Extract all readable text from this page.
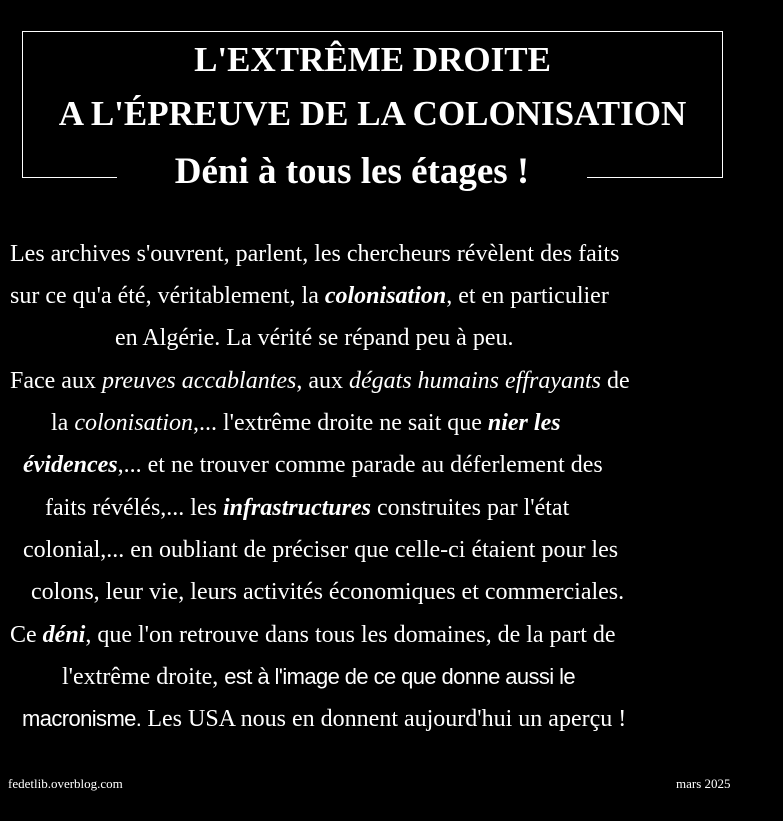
L'EXTRÊME DROITE
A L'ÉPREUVE DE LA COLONISATION
Déni à tous les étages !
Les archives s'ouvrent, parlent, les chercheurs révèlent des faits
sur ce qu'a été, véritablement, la colonisation, et en particulier
en Algérie. La vérité se répand peu à peu.
Face aux preuves accablantes, aux dégats humains effrayants de
la colonisation,... l'extrême droite ne sait que nier les
évidences,... et ne trouver comme parade au déferlement des
faits révélés,... les infrastructures construites par l'état
colonial,... en oubliant de préciser que celle-ci étaient pour les
colons, leur vie, leurs activités économiques et commerciales.
Ce déni, que l'on retrouve dans tous les domaines, de la part de
l'extrême droite, est à l'image de ce que donne aussi le
macronisme. Les USA nous en donnent aujourd'hui un aperçu !
fedetlib.overblog.com	mars 2025
